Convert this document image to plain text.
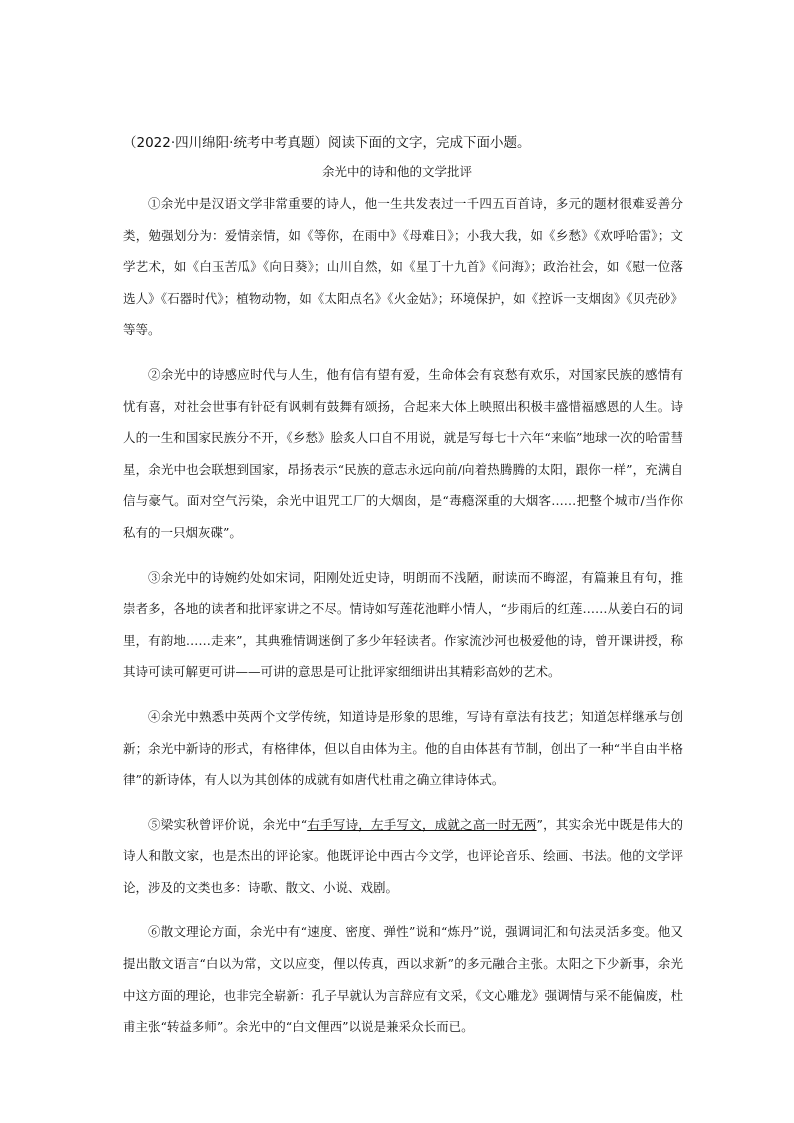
（2022·四川绵阳·统考中考真题）阅读下面的文字，完成下面小题。
余光中的诗和他的文学批评

①余光中是汉语文学非常重要的诗人，他一生共发表过一千四五百首诗，多元的题材很难妥善分类，勉强划分为：爱情亲情，如《等你，在雨中》《母难日》；小我大我，如《乡愁》《欢呼哈雷》；文学艺术，如《白玉苦瓜》《向日葵》；山川自然，如《星丁十九首》《问海》；政治社会，如《慰一位落选人》《石器时代》；植物动物，如《太阳点名》《火金姑》；环境保护，如《控诉一支烟囱》《贝壳砂》等等。

②余光中的诗感应时代与人生，他有信有望有爱，生命体会有哀愁有欢乐，对国家民族的感情有忧有喜，对社会世事有针砭有讽刺有鼓舞有颂扬，合起来大体上映照出积极丰盛惜福感恩的人生。诗人的一生和国家民族分不开，《乡愁》脍炙人口自不用说，就是写每七十六年“来临”地球一次的哈雷彗星，余光中也会联想到国家，昂扬表示“民族的意志永远向前/向着热腾腾的太阳，跟你一样”，充满自信与豪气。面对空气污染，余光中诅咒工厂的大烟囱，是“毒瘾深重的大烟客……把整个城市/当作你私有的一只烟灰碟”。

③余光中的诗婉约处如宋词，阳刚处近史诗，明朗而不浅陋，耐读而不晦涩，有篇兼且有句，推崇者多，各地的读者和批评家讲之不尽。情诗如写莲花池畔小情人，“步雨后的红莲……从姜白石的词里，有韵地……走来”，其典雅情调迷倒了多少年轻读者。作家流沙河也极爱他的诗，曾开课讲授，称其诗可读可解更可讲——可讲的意思是可让批评家细细讲出其精彩高妙的艺术。

④余光中熟悉中英两个文学传统，知道诗是形象的思维，写诗有章法有技艺；知道怎样继承与创新；余光中新诗的形式，有格律体，但以自由体为主。他的自由体甚有节制，创出了一种“半自由半格律”的新诗体，有人以为其创体的成就有如唐代杜甫之确立律诗体式。

⑤梁实秋曾评价说，余光中“右手写诗，左手写文，成就之高一时无两”，其实余光中既是伟大的诗人和散文家，也是杰出的评论家。他既评论中西古今文学，也评论音乐、绘画、书法。他的文学评论，涉及的文类也多：诗歌、散文、小说、戏剧。

⑥散文理论方面，余光中有“速度、密度、弹性”说和“炼丹”说，强调词汇和句法灵活多变。他又提出散文语言“白以为常，文以应变，俚以传真，西以求新”的多元融合主张。太阳之下少新事，余光中这方面的理论，也非完全崭新：孔子早就认为言辞应有文采，《文心雕龙》强调情与采不能偏废，杜甫主张“转益多师”。余光中的“白文俚西”以说是兼采众长而已。
